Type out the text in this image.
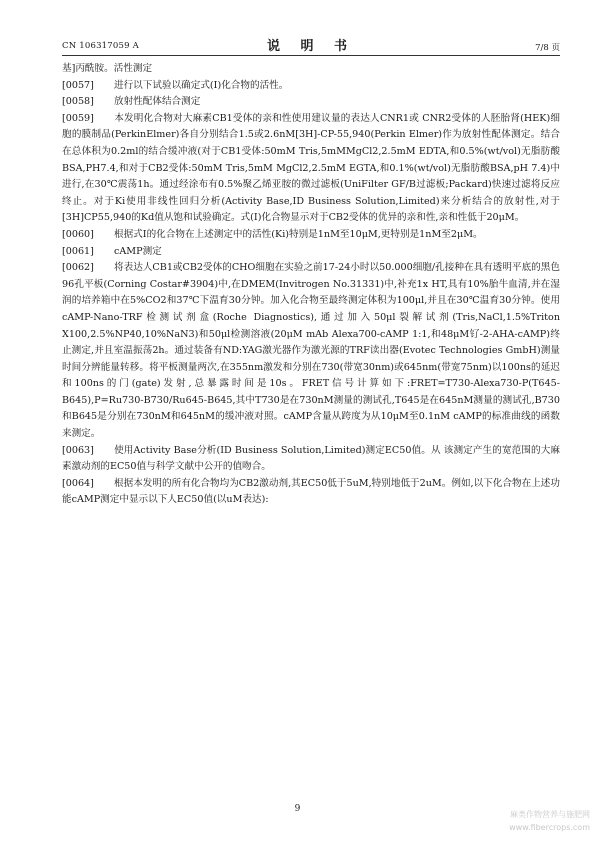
CN 106317059 A	说 明 书	7/8 页

基]丙酰胺。活性测定

[0057] 进行以下试验以确定式(I)化合物的活性。

[0058] 放射性配体结合测定

[0059] 本发明化合物对大麻素CB1受体的亲和性使用建议量的表达人CNR1或 CNR2受体的人胚胎肾(HEK)细胞的膜制品(PerkinElmer)各自分别结合1.5或2.6nM[3H]-CP-55,940(Perkin Elmer)作为放射性配体测定。结合在总体积为0.2ml的结合缓冲液(对于CB1受体:50mM Tris,5mMMgCl2,2.5mM EDTA,和0.5%(wt/vol)无脂肪酸BSA,PH7.4,和对于CB2受体:50mM Tris,5mM MgCl2,2.5mM EGTA,和0.1%(wt/vol)无脂肪酸BSA,pH 7.4)中进行,在30℃震荡1h。通过经涂布有0.5%聚乙烯亚胺的微过滤板(UniFilter GF/B过滤板;Packard)快速过滤将反应终止。对于Ki使用非线性回归分析(Activity Base,ID Business Solution,Limited)来分析结合的放射性,对于[3H]CP55,940的Kd值从饱和试验确定。式(I)化合物显示对于CB2受体的优异的亲和性,亲和性低于20μM。

[0060] 根据式I的化合物在上述测定中的活性(Ki)特别是1nM至10μM,更特别是1nM至2μM。

[0061] cAMP测定

[0062] 将表达人CB1或CB2受体的CHO细胞在实验之前17-24小时以50.000细胞/孔接种在具有透明平底的黑色96孔平板(Corning Costar#3904)中,在DMEM(Invitrogen No.31331)中,补充1x HT,具有10%胎牛血清,并在湿润的培养箱中在5%CO2和37℃下温育30分钟。加入化合物至最终测定体积为100μl,并且在30℃温育30分钟。使用cAMP-Nano-TRF检测试剂盒(Roche Diagnostics),通过加入50μl裂解试剂(Tris,NaCl,1.5%Triton X100,2.5%NP40,10%NaN3)和50μl检测溶液(20μM mAb Alexa700-cAMP 1:1,和48μM钌-2-AHA-cAMP)终止测定,并且室温振荡2h。通过装备有ND:YAG激光器作为激光源的TRF读出器(Evotec Technologies GmbH)测量时间分辨能量转移。将平板测量两次,在355nm激发和分别在730(带宽30nm)或645nm(带宽75nm)以100ns的延迟和100ns的门(gate)发射,总暴露时间是10s。FRET信号计算如下:FRET=T730-Alexa730-P(T645-B645),P=Ru730-B730/Ru645-B645,其中T730是在730nM测量的测试孔,T645是在645nM测量的测试孔,B730和B645是分别在730nM和645nM的缓冲液对照。cAMP含量从跨度为从10μM至0.1nM cAMP的标准曲线的函数来测定。

[0063] 使用Activity Base分析(ID Business Solution,Limited)测定EC50值。从 该测定产生的宽范围的大麻素激动剂的EC50值与科学文献中公开的值吻合。

[0064] 根据本发明的所有化合物均为CB2激动剂,其EC50低于5uM,特别地低于2uM。例如,以下化合物在上述功能cAMP测定中显示以下人EC50值(以uM表达):

9
麻类作物营养与施肥网
www.fibercrops.com
